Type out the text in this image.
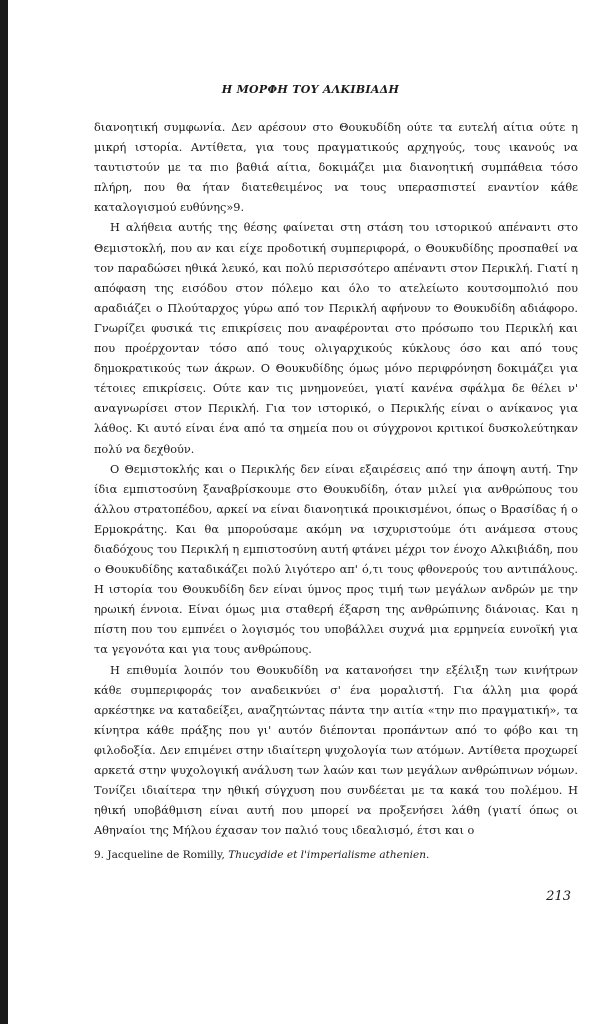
Η ΜΟΡΦΗ ΤΟΥ ΑΛΚΙΒΙΑΔΗ

διανοητική συμφωνία. Δεν αρέσουν στο Θουκυδίδη ούτε τα ευτελή αίτια ούτε η μικρή ιστορία. Αντίθετα, για τους πραγματικούς αρχηγούς, τους ικανούς να ταυτιστούν με τα πιο βαθιά αίτια, δοκιμάζει μια διανοητική συμπάθεια τόσο πλήρη, που θα ήταν διατεθειμένος να τους υπερασπιστεί εναντίον κάθε καταλογισμού ευθύνης»9.

Η αλήθεια αυτής της θέσης φαίνεται στη στάση του ιστορικού απέναντι στο Θεμιστοκλή, που αν και είχε προδοτική συμπεριφορά, ο Θουκυδίδης προσπαθεί να τον παραδώσει ηθικά λευκό, και πολύ περισσότερο απέναντι στον Περικλή. Γιατί η απόφαση της εισόδου στον πόλεμο και όλο το ατελείωτο κουτσομπολιό που αραδιάζει ο Πλούταρχος γύρω από τον Περικλή αφήνουν το Θουκυδίδη αδιάφορο. Γνωρίζει φυσικά τις επικρίσεις που αναφέρονται στο πρόσωπο του Περικλή και που προέρχονταν τόσο από τους ολιγαρχικούς κύκλους όσο και από τους δημοκρατικούς των άκρων. Ο Θουκυδίδης όμως μόνο περιφρόνηση δοκιμάζει για τέτοιες επικρίσεις. Ούτε καν τις μνημονεύει, γιατί κανένα σφάλμα δε θέλει ν' αναγνωρίσει στον Περικλή. Για τον ιστορικό, ο Περικλής είναι ο ανίκανος για λάθος. Κι αυτό είναι ένα από τα σημεία που οι σύγχρονοι κριτικοί δυσκολεύτηκαν πολύ να δεχθούν.

Ο Θεμιστοκλής και ο Περικλής δεν είναι εξαιρέσεις από την άποψη αυτή. Την ίδια εμπιστοσύνη ξαναβρίσκουμε στο Θουκυδίδη, όταν μιλεί για ανθρώπους του άλλου στρατοπέδου, αρκεί να είναι διανοητικά προικισμένοι, όπως ο Βρασίδας ή ο Ερμοκράτης. Και θα μπορούσαμε ακόμη να ισχυριστούμε ότι ανάμεσα στους διαδόχους του Περικλή η εμπιστοσύνη αυτή φτάνει μέχρι τον ένοχο Αλκιβιάδη, που ο Θουκυδίδης καταδικάζει πολύ λιγότερο απ' ό,τι τους φθονερούς του αντιπάλους. Η ιστορία του Θουκυδίδη δεν είναι ύμνος προς τιμή των μεγάλων ανδρών με την ηρωική έννοια. Είναι όμως μια σταθερή έξαρση της ανθρώπινης διάνοιας. Και η πίστη που του εμπνέει ο λογισμός του υποβάλλει συχνά μια ερμηνεία ευνοϊκή για τα γεγονότα και για τους ανθρώπους.

Η επιθυμία λοιπόν του Θουκυδίδη να κατανοήσει την εξέλιξη των κινήτρων κάθε συμπεριφοράς τον αναδεικνύει σ' ένα μοραλιστή. Για άλλη μια φορά αρκέστηκε να καταδείξει, αναζητώντας πάντα την αιτία «την πιο πραγματική», τα κίνητρα κάθε πράξης που γι' αυτόν διέπονται προπάντων από το φόβο και τη φιλοδοξία. Δεν επιμένει στην ιδιαίτερη ψυχολογία των ατόμων. Αντίθετα προχωρεί αρκετά στην ψυχολογική ανάλυση των λαών και των μεγάλων ανθρώπινων νόμων. Τονίζει ιδιαίτερα την ηθική σύγχυση που συνδέεται με τα κακά του πολέμου. Η ηθική υποβάθμιση είναι αυτή που μπορεί να προξενήσει λάθη (γιατί όπως οι Αθηναίοι της Μήλου έχασαν τον παλιό τους ιδεαλισμό, έτσι και ο

9. Jacqueline de Romilly, Thucydide et l'imperialisme athenien.
213
